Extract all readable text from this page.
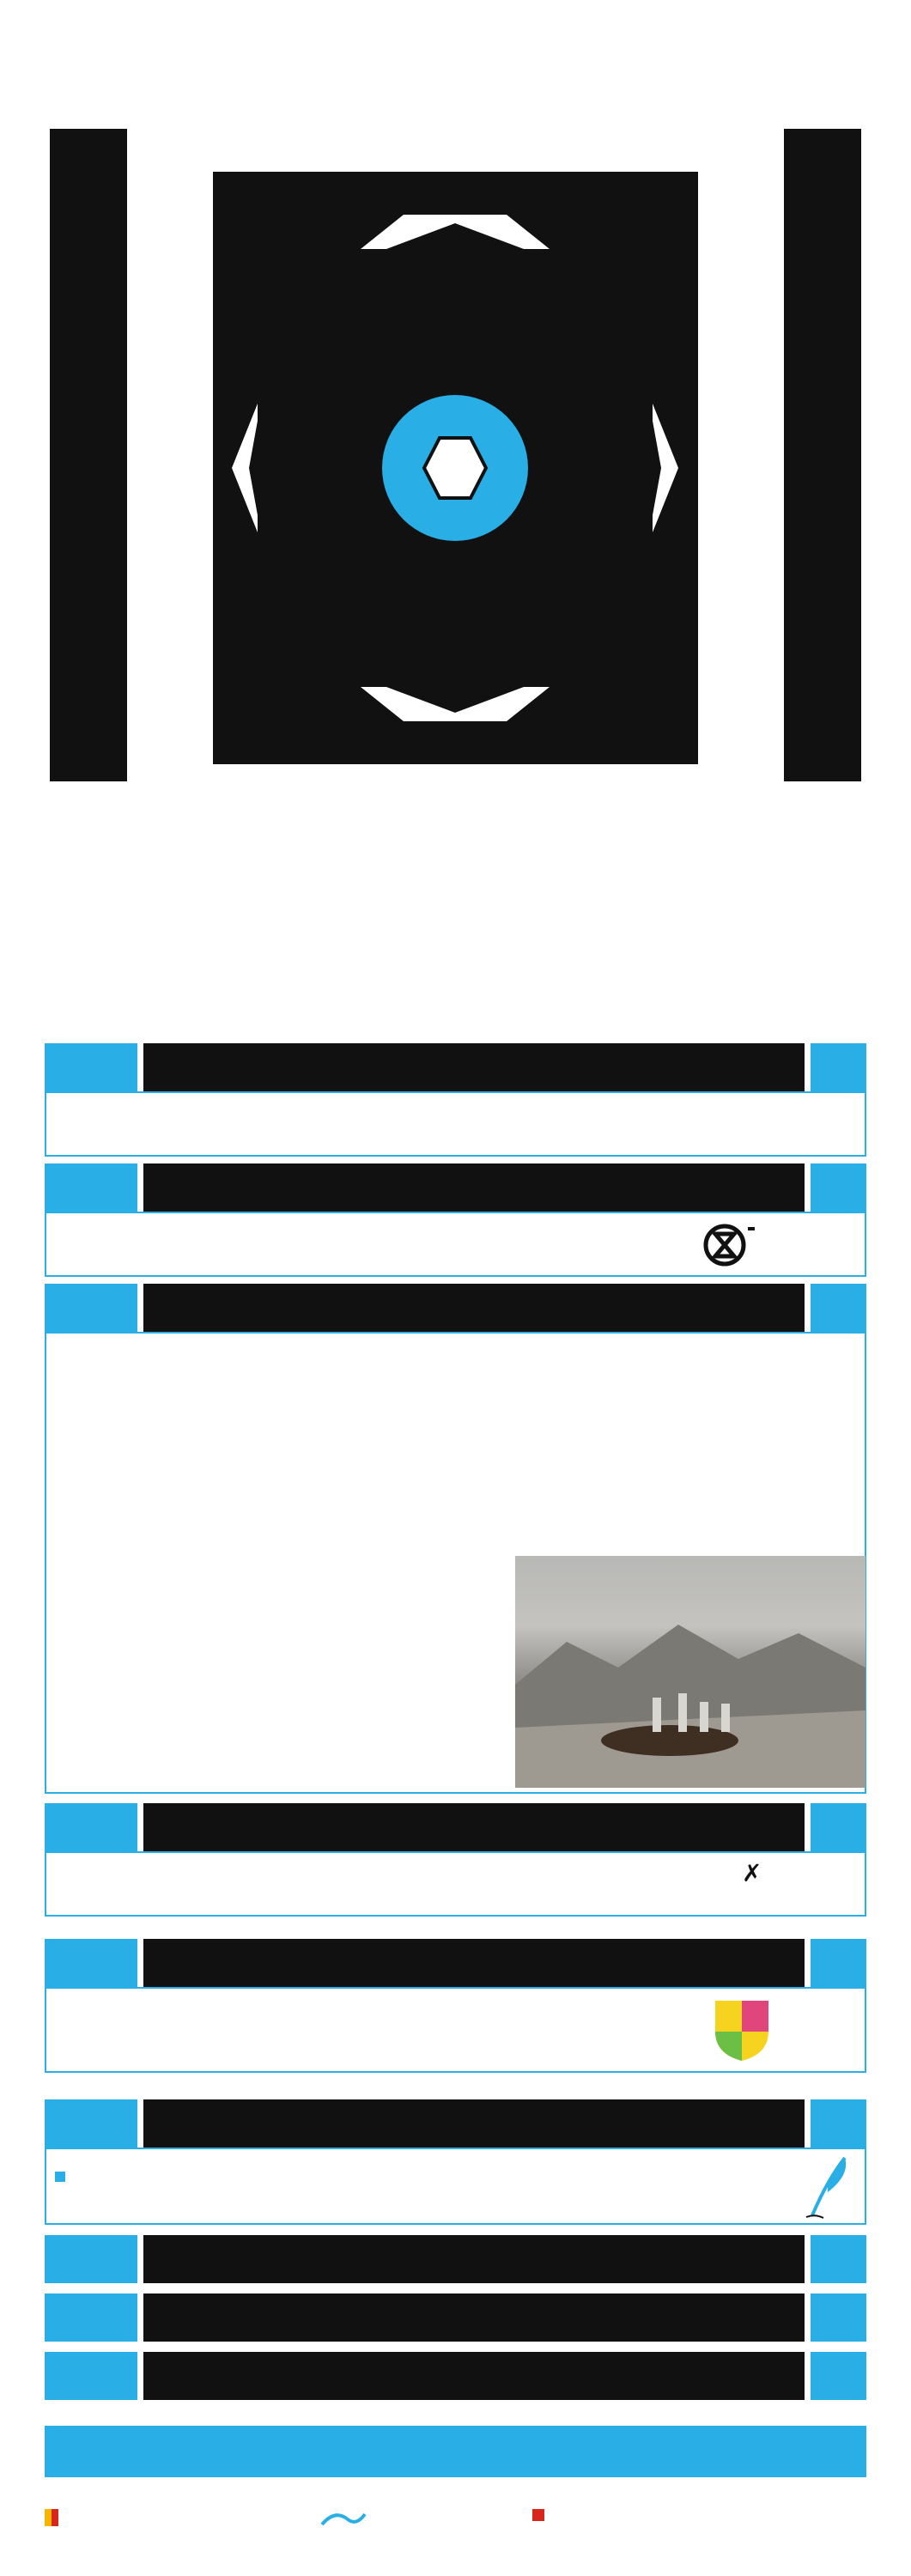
✗
